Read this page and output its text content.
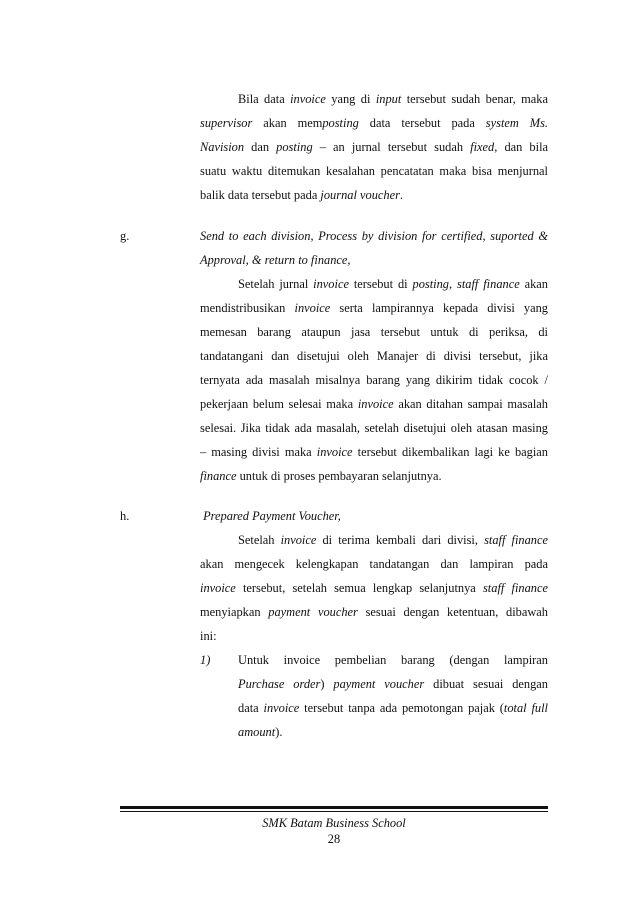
Bila data invoice yang di input tersebut sudah benar, maka
supervisor akan memposting data tersebut pada system Ms.
Navision dan posting – an jurnal tersebut sudah fixed, dan bila
suatu waktu ditemukan kesalahan pencatatan maka bisa menjurnal
balik data tersebut pada journal voucher.
g.	Send to each division, Process by division for certified, suported &
Approval, & return to finance,
Setelah jurnal invoice tersebut di posting, staff finance akan
mendistribusikan invoice serta lampirannya kepada divisi yang
memesan barang ataupun jasa tersebut untuk di periksa, di
tandatangani dan disetujui oleh Manajer di divisi tersebut, jika
ternyata ada masalah misalnya barang yang dikirim tidak cocok /
pekerjaan belum selesai maka invoice akan ditahan sampai masalah
selesai. Jika tidak ada masalah, setelah disetujui oleh atasan masing
– masing divisi maka invoice tersebut dikembalikan lagi ke bagian
finance untuk di proses pembayaran selanjutnya.
h.	Prepared Payment Voucher,
Setelah invoice di terima kembali dari divisi, staff finance
akan mengecek kelengkapan tandatangan dan lampiran pada
invoice tersebut, setelah semua lengkap selanjutnya staff finance
menyiapkan payment voucher sesuai dengan ketentuan, dibawah
ini:
1) Untuk invoice pembelian barang (dengan lampiran
Purchase order) payment voucher dibuat sesuai dengan
data invoice tersebut tanpa ada pemotongan pajak (total full
amount).
SMK Batam Business School
28
